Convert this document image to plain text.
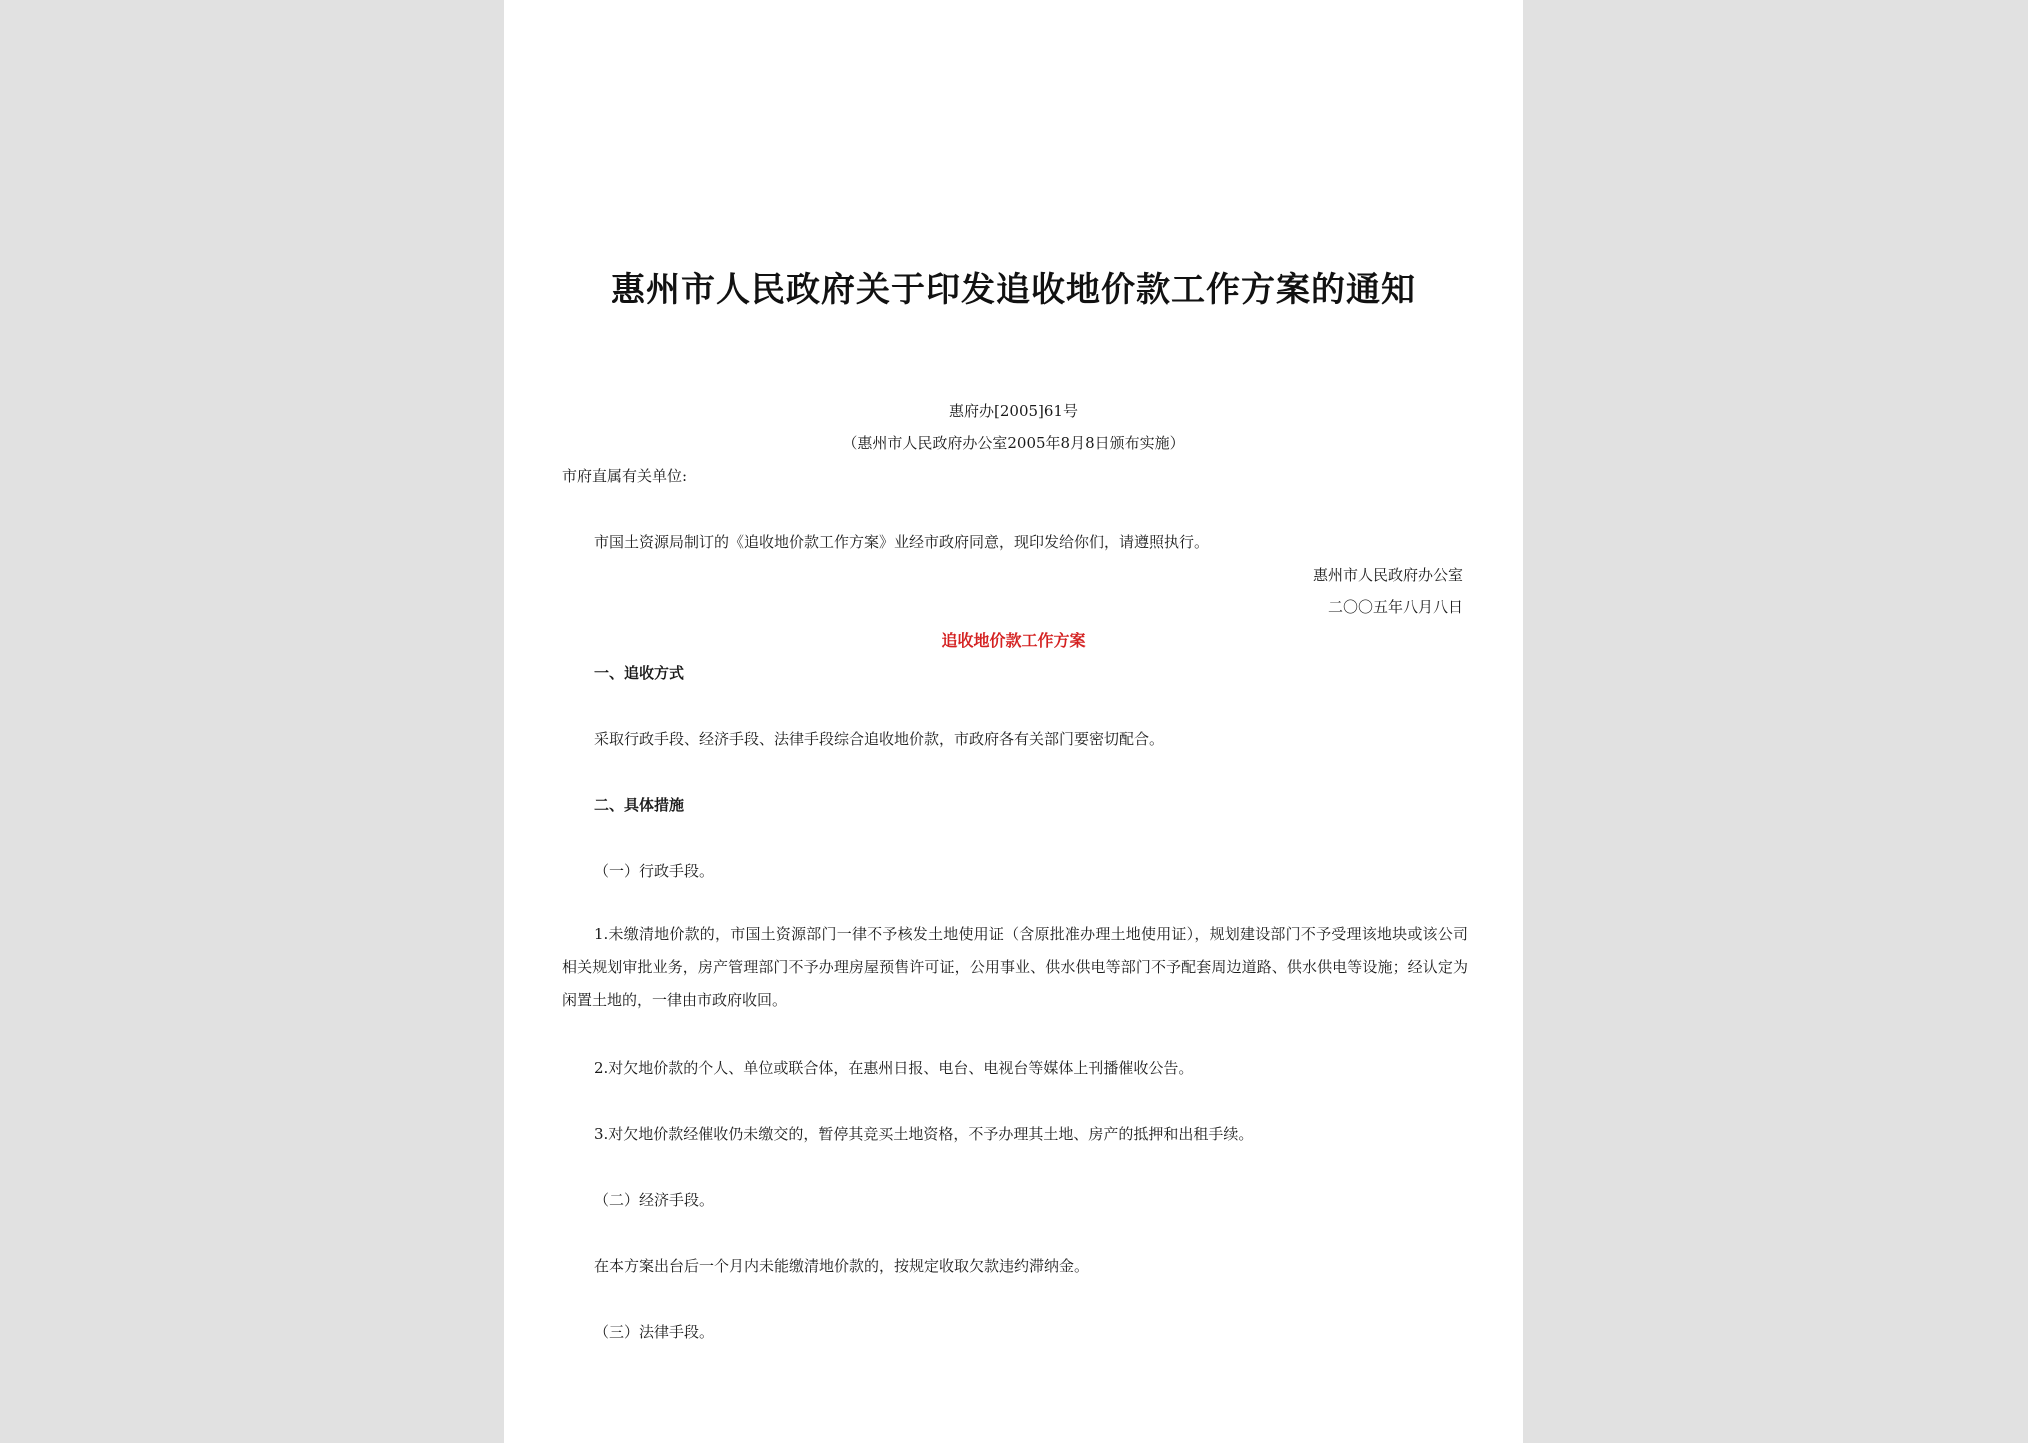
惠州市人民政府关于印发追收地价款工作方案的通知
惠府办[2005]61号
（惠州市人民政府办公室2005年8月8日颁布实施）
市府直属有关单位:
市国土资源局制订的《追收地价款工作方案》业经市政府同意，现印发给你们，请遵照执行。
惠州市人民政府办公室
二〇〇五年八月八日
追收地价款工作方案
一、追收方式
采取行政手段、经济手段、法律手段综合追收地价款，市政府各有关部门要密切配合。
二、具体措施
（一）行政手段。
1.未缴清地价款的，市国土资源部门一律不予核发土地使用证（含原批准办理土地使用证），规划建设部门不予受理该地块或该公司相关规划审批业务，房产管理部门不予办理房屋预售许可证，公用事业、供水供电等部门不予配套周边道路、供水供电等设施；经认定为闲置土地的，一律由市政府收回。
2.对欠地价款的个人、单位或联合体，在惠州日报、电台、电视台等媒体上刊播催收公告。
3.对欠地价款经催收仍未缴交的，暂停其竞买土地资格，不予办理其土地、房产的抵押和出租手续。
（二）经济手段。
在本方案出台后一个月内未能缴清地价款的，按规定收取欠款违约滞纳金。
（三）法律手段。
